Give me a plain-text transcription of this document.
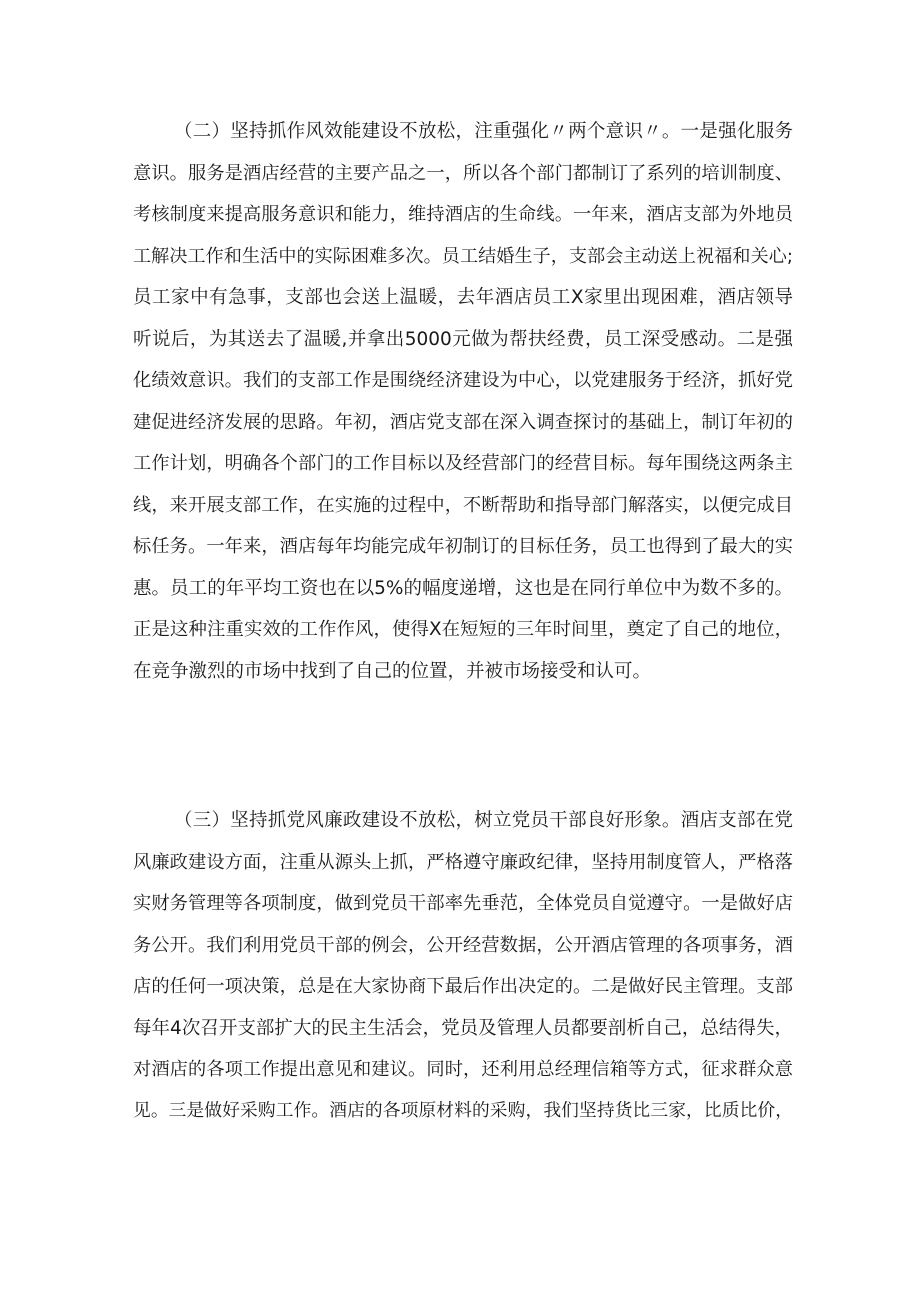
（二）坚持抓作风效能建设不放松，注重强化〃两个意识〃。一是强化服务
意识。服务是酒店经营的主要产品之一，所以各个部门都制订了系列的培训制度、
考核制度来提高服务意识和能力，维持酒店的生命线。一年来，酒店支部为外地员
工解决工作和生活中的实际困难多次。员工结婚生子，支部会主动送上祝福和关心;
员工家中有急事，支部也会送上温暖，去年酒店员工X家里出现困难，酒店领导
听说后，为其送去了温暖,并拿出5000元做为帮扶经费，员工深受感动。二是强
化绩效意识。我们的支部工作是围绕经济建设为中心，以党建服务于经济，抓好党
建促进经济发展的思路。年初，酒店党支部在深入调查探讨的基础上，制订年初的
工作计划，明确各个部门的工作目标以及经营部门的经营目标。每年围绕这两条主
线，来开展支部工作，在实施的过程中，不断帮助和指导部门解落实，以便完成目
标任务。一年来，酒店每年均能完成年初制订的目标任务，员工也得到了最大的实
惠。员工的年平均工资也在以5%的幅度递增，这也是在同行单位中为数不多的。
正是这种注重实效的工作作风，使得X在短短的三年时间里，奠定了自己的地位，
在竞争激烈的市场中找到了自己的位置，并被市场接受和认可。
（三）坚持抓党风廉政建设不放松，树立党员干部良好形象。酒店支部在党
风廉政建设方面，注重从源头上抓，严格遵守廉政纪律，坚持用制度管人，严格落
实财务管理等各项制度，做到党员干部率先垂范，全体党员自觉遵守。一是做好店
务公开。我们利用党员干部的例会，公开经营数据，公开酒店管理的各项事务，酒
店的任何一项决策，总是在大家协商下最后作出决定的。二是做好民主管理。支部
每年4次召开支部扩大的民主生活会，党员及管理人员都要剖析自己，总结得失，
对酒店的各项工作提出意见和建议。同时，还利用总经理信箱等方式，征求群众意
见。三是做好采购工作。酒店的各项原材料的采购，我们坚持货比三家，比质比价，
